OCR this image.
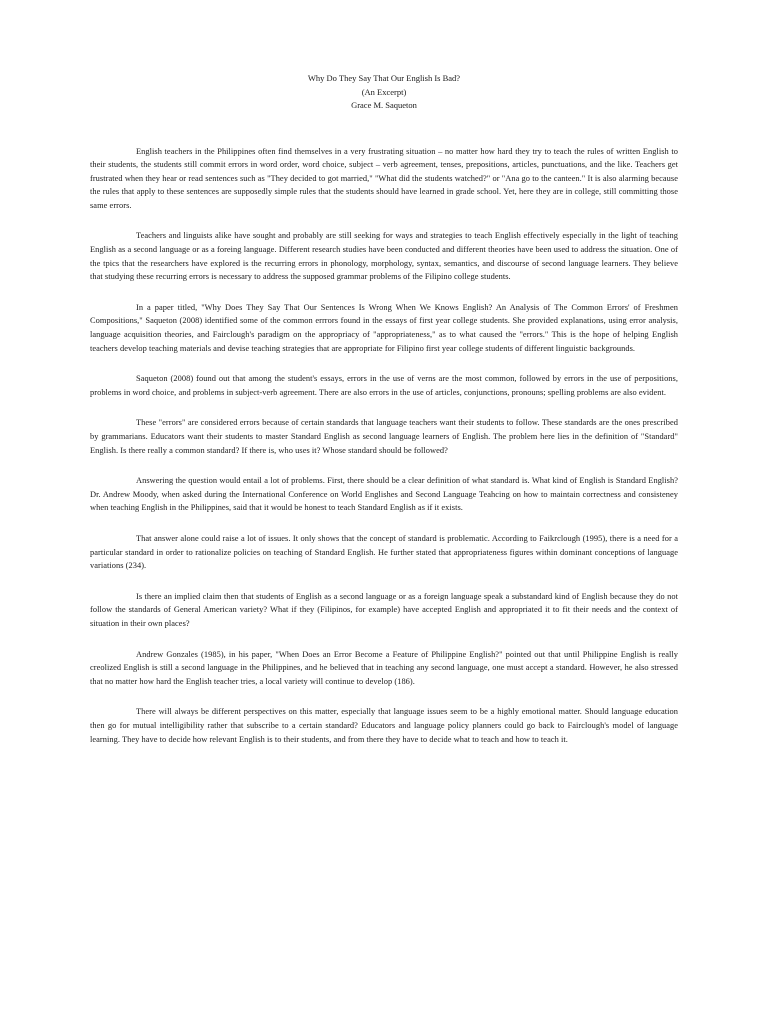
Why Do They Say That Our English Is Bad?
(An Excerpt)
Grace M. Saqueton

English teachers in the Philippines often find themselves in a very frustrating situation – no matter how hard they try to teach the rules of written English to their students, the students still commit errors in word order, word choice, subject – verb agreement, tenses, prepositions, articles, punctuations, and the like. Teachers get frustrated when they hear or read sentences such as "They decided to got married," "What did the students watched?" or "Ana go to the canteen." It is also alarming because the rules that apply to these sentences are supposedly simple rules that the students should have learned in grade school. Yet, here they are in college, still committing those same errors.

Teachers and linguists alike have sought and probably are still seeking for ways and strategies to teach English effectively especially in the light of teaching English as a second language or as a foreing language. Different research studies have been conducted and different theories have been used to address the situation. One of the tpics that the researchers have explored is the recurring errors in phonology, morphology, syntax, semantics, and discourse of second language learners. They believe that studying these recurring errors is necessary to address the supposed grammar problems of the Filipino college students.

In a paper titled, "Why Does They Say That Our Sentences Is Wrong When We Knows English? An Analysis of The Common Errors' of Freshmen Compositions," Saqueton (2008) identified some of the common errrors found in the essays of first year college students. She provided explanations, using error analysis, language acquisition theories, and Fairclough's paradigm on the approprіacy of "appropriateness," as to what caused the "errors." This is the hope of helping English teachers develop teaching materials and devise teaching strategies that are appropriate for Filipino first year college students of different linguistic backgrounds.

Saqueton (2008) found out that among the student's essays, errors in the use of verns are the most common, followed by errors in the use of perpositions, problems in word choice, and problems in subject-verb agreement. There are also errors in the use of articles, conjunctions, pronouns; spelling problems are also evident.

These "errors" are considered errors because of certain standards that language teachers want their students to follow. These standards are the ones prescribed by grammarians. Educators want their students to master Standard English as second language learners of English. The problem here lies in the definition of "Standard" English. Is there really a common standard? If there is, who uses it? Whose standard should be followed?

Answering the question would entail a lot of problems. First, there should be a clear definition of what standard is. What kind of English is Standard English? Dr. Andrew Moody, when asked during the International Conference on World Englishes and Second Language Teahcing on how to maintain correctness and consisteney when teaching English in the Philippines, said that it would be honest to teach Standard English as if it exists.

That answer alone could raise a lot of issues. It only shows that the concept of standard is problematic. According to Faikrclough (1995), there is a need for a particular standard in order to rationalize policies on teaching of Standard English. He further stated that appropriateness figures within dominant conceptions of language variations (234).

Is there an implied claim then that students of English as a second language or as a foreign language speak a substandard kind of English because they do not follow the standards of General American variety? What if they (Filipinos, for example) have accepted English and appropriated it to fit their needs and the context of situation in their own places?

Andrew Gonzales (1985), in his paper, "When Does an Error Become a Feature of Philippine English?" pointed out that until Philippine English is really creolized English is still a second language in the Philippines, and he believed that in teaching any second language, one must accept a standard. However, he also stressed that no matter how hard the English teacher tries, a local variety will continue to develop (186).

There will always be different perspectives on this matter, especially that language issues seem to be a highly emotional matter. Should language education then go for mutual intelligibility rather that subscribe to a certain standard? Educators and language policy planners could go back to Fairclough's model of language learning. They have to decide how relevant English is to their students, and from there they have to decide what to teach and how to teach it.
